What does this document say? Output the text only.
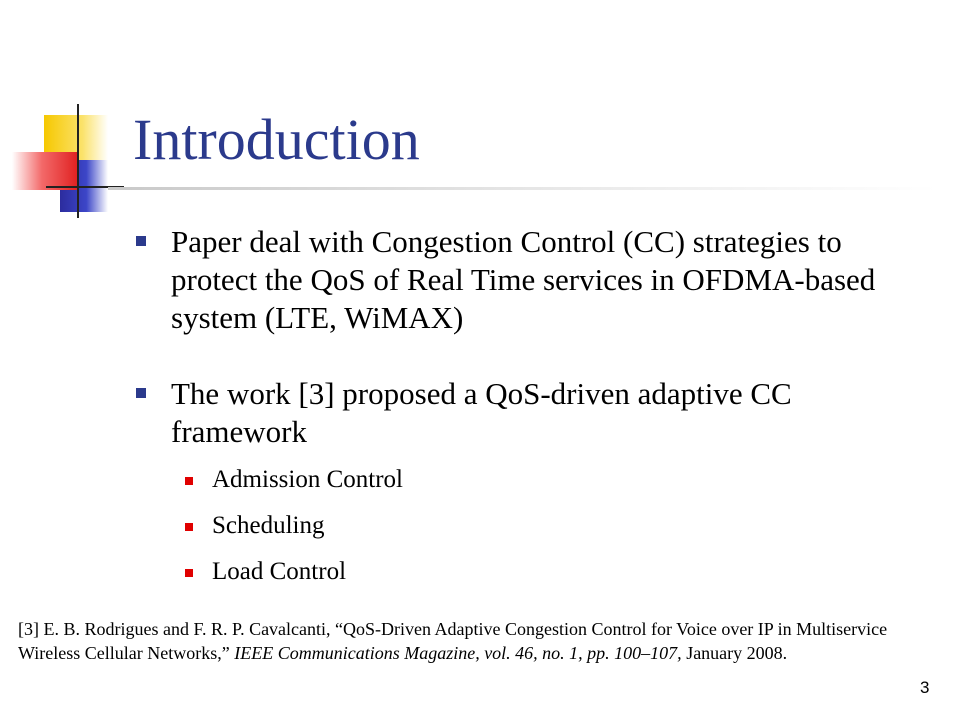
Introduction
Paper deal with Congestion Control (CC) strategies to protect the QoS of Real Time services in OFDMA-based system (LTE, WiMAX)
The work [3] proposed a QoS-driven adaptive CC framework
Admission Control
Scheduling
Load Control
[3] E. B. Rodrigues and F. R. P. Cavalcanti, “QoS-Driven Adaptive Congestion Control for Voice over IP in Multiservice Wireless Cellular Networks,” IEEE Communications Magazine, vol. 46, no. 1, pp. 100–107, January 2008.
3
